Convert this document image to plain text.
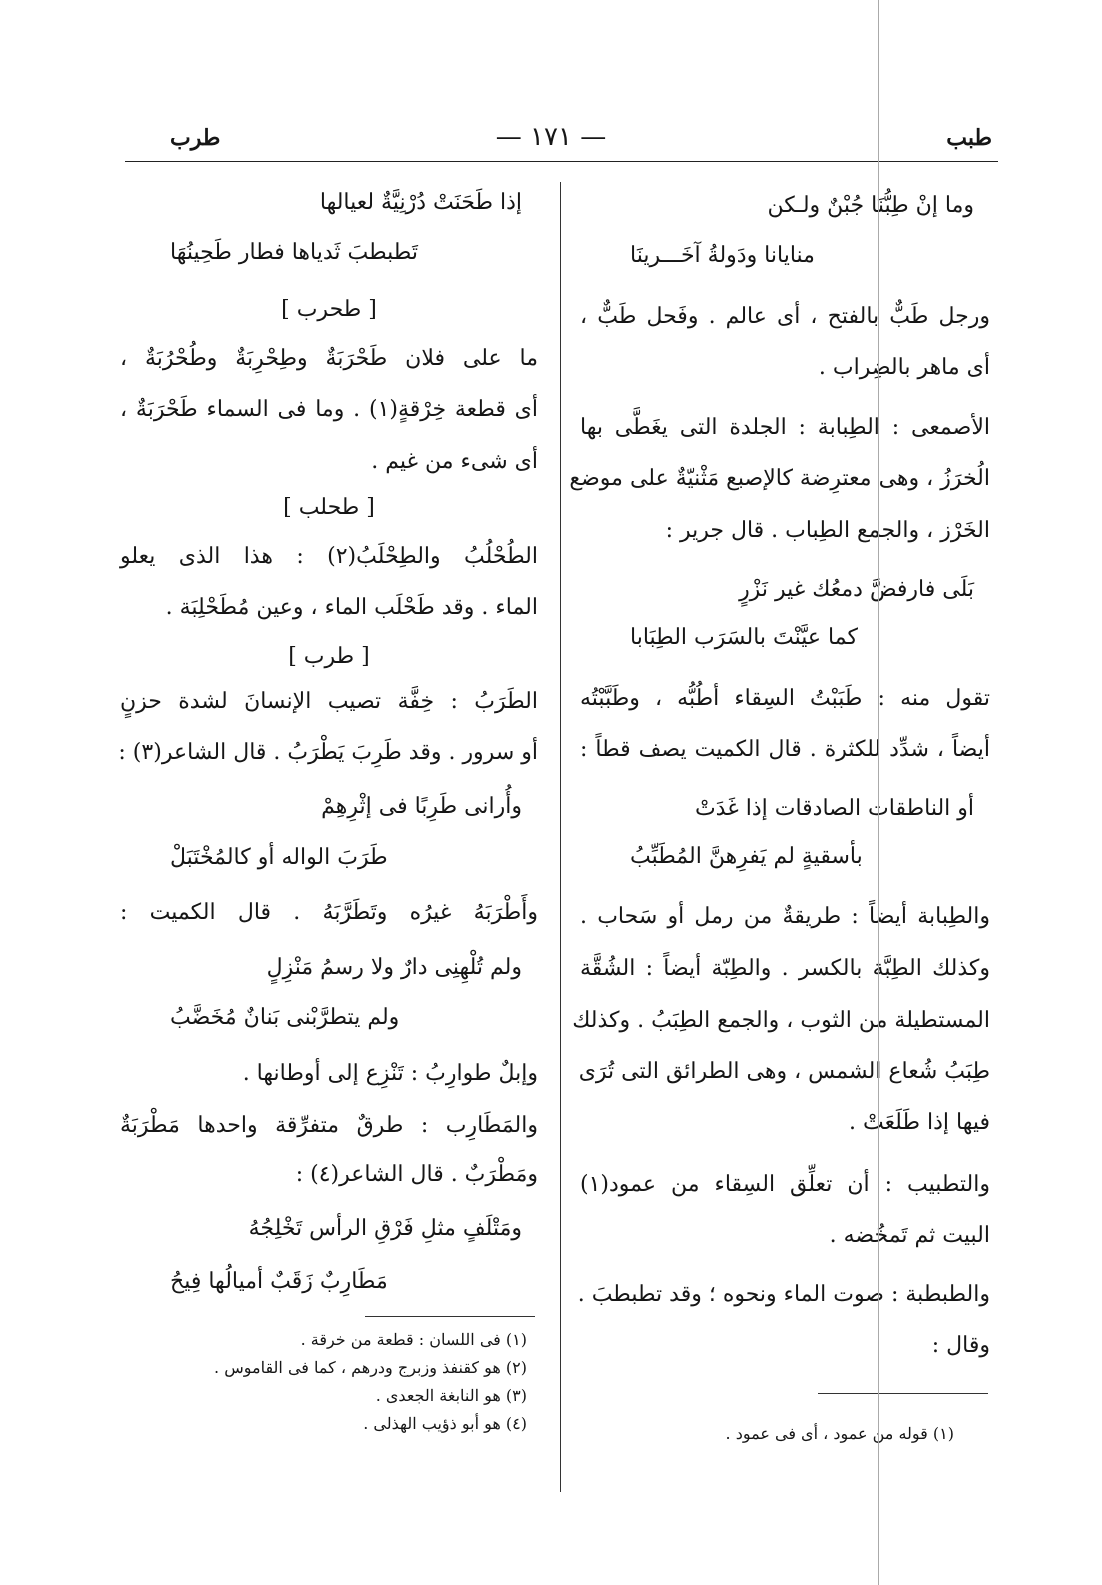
طبب
— ١٧١ —
طرب
وما إنْ طِبُّنَا جُبْنٌ ولـكن
منايانا ودَولةُ آخَـــرينَا
ورجل طَبٌّ بالفتح ، أى عالم . وفَحل طَبٌّ ،
أى ماهر بالضِراب .
الأصمعى : الطِبابة : الجلدة التى يغَطَّى بها
الُخرَزُ ، وهى معترِضة كالإصبع مَثْنيّةٌ على موضع
الخَرْز ، والجمع الطِباب . قال جرير :
بَلَى فارفضَّ دمعُك غير نَزْرٍ
كما عيَّنْتَ بالسَرَب الطِبَابا
تقول منه : طَبَبْتُ السِقاء أطُبُّه ، وطَبَّبْتُه
أيضاً ، شدِّد للكثرة . قال الكميت يصف قطاً :
أو الناطقات الصادقات إذا غَدَتْ
بأسقيةٍ لم يَفرِهنَّ المُطَبِّبُ
والطِبابة أيضاً : طريقةٌ من رمل أو سَحاب .
وكذلك الطِبَّة بالكسر . والطِبّة أيضاً : الشُقَّة
المستطيلة من الثوب ، والجمع الطِبَبُ . وكذلك
طِبَبُ شُعاع الشمس ، وهى الطرائق التى تُرَى
فيها إذا طَلَعَتْ .
والتطبيب : أن تعلِّق السِقاء من عمود(١)
البيت ثم تَمخُضه .
والطبطبة : صوت الماء ونحوه ؛ وقد تطبطبَ .
وقال :
(١) قوله من عمود ، أى فى عمود .
إذا طَحَنَتْ دُرْنِيَّةٌ لعيالها
تَطبطبَ ثَدياها فطار طَحِينُهَا
[ طحرب ]
ما على فلان طَحْرَبَةٌ وطِحْرِبَةٌ وطُحْرُبَةٌ ،
أى قطعة خِرْقةٍ(١) . وما فى السماء طَحْرَبَةٌ ،
أى شىء من غيم .
[ طحلب ]
الطُحْلُبُ والطِحْلَبُ(٢) : هذا الذى يعلو
الماء . وقد طَحْلَب الماء ، وعين مُطَحْلِبَة .
[ طرب ]
الطَرَبُ : خِفَّة تصيب الإنسانَ لشدة حزنٍ
أو سرور . وقد طَرِبَ يَطْرَبُ . قال الشاعر(٣) :
وأُرانى طَرِبًا فى إثْرِهِمْ
طَرَبَ الواله أو كالمُخْتَبَلْ
وأَطْرَبَهُ غيرُه وتَطَرَّبَهُ . قال الكميت :
ولم تُلْهِنِى دارٌ ولا رسمُ مَنْزِلٍ
ولم يتطرَّبْنى بَنانٌ مُخَضَّبُ
وإبلٌ طوارِبُ : تَنْزِع إلى أوطانها .
والمَطَارِب : طرقٌ متفرِّقة واحدها مَطْرَبَةٌ
ومَطْرَبٌ . قال الشاعر(٤) :
ومَتْلَفٍ مثلِ فَرْقِ الرأس تَخْلِجُهُ
مَطَارِبٌ زَقَبٌ أميالُها فِيحُ
(١) فى اللسان : قطعة من خرقة .
(٢) هو كقنفذ وزبرج ودرهم ، كما فى القاموس .
(٣) هو النابغة الجعدى .
(٤) هو أبو ذؤيب الهذلى .
